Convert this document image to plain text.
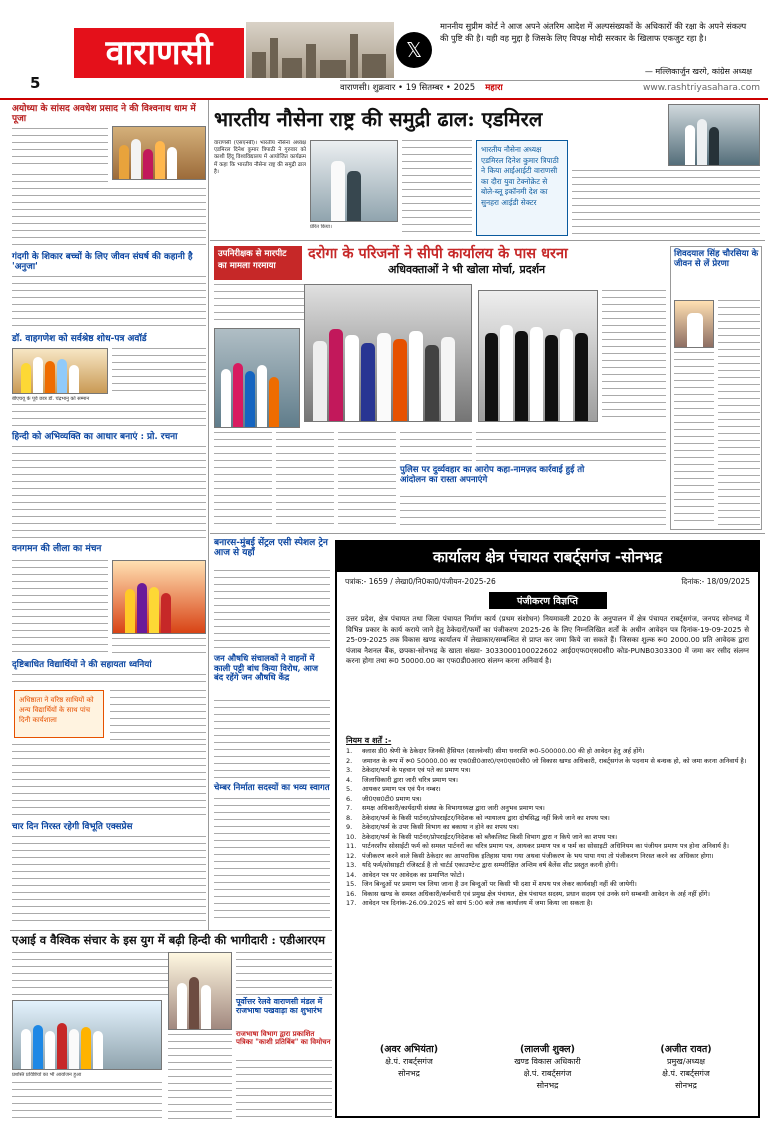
वाराणसी
5
𝕏
माननीय सुप्रीम कोर्ट ने आज अपने अंतरिम आदेश में अल्पसंख्यकों के अधिकारों की रक्षा के अपने संकल्प की पुष्टि की है। यही वह मुद्दा है जिसके लिए विपक्ष मोदी सरकार के खिलाफ एकजुट रहा है।
— मल्लिकार्जुन खरगे, कांग्रेस अध्यक्ष
वाराणसी। शुक्रवार • 19 सितम्बर • 2025 महारा	www.rashtriyasahara.com
अयोध्या के सांसद अवधेश प्रसाद ने की विश्वनाथ धाम में पूजा
गंदगी के शिकार बच्चों के लिए जीवन संघर्ष की कहानी है 'अनुजा'
डॉ. वाहगणेश को सर्वश्रेष्ठ शोध-पत्र अवॉर्ड
बीएचयू के पूर्व छात्र डॉ. चंद्रभानु को सम्मान
हिन्दी को अभिव्यक्ति का आधार बनाएं : प्रो. रचना
वनगमन की लीला का मंचन
दृष्टिबाधित विद्यार्थियों ने की सहायता ध्वनियां
अधिष्ठाता ने वरिष्ठ साथियों को अन्य विद्यार्थियों के साथ पांच दिनी कार्यशाला
चार दिन निरस्त रहेगी विभूति एक्सप्रेस
भारतीय नौसेना राष्ट्र की समुद्री ढाल: एडमिरल
वाराणसी (एसएनबी)। भारतीय नौसेना अध्यक्ष एडमिरल दिनेश कुमार त्रिपाठी ने गुरुवार को काशी हिंदू विश्वविद्यालय में आयोजित कार्यक्रम में कहा कि भारतीय नौसेना राष्ट्र की समुद्री ढाल है।
प्रेरित किया।
भारतीय नौसेना अध्यक्ष एडमिरल दिनेश कुमार त्रिपाठी ने किया आईआईटी वाराणसी का दौरा युवा टेक्नोक्रेट से बोले-ब्लू इकॉनमी देश का सुनहरा आईडी सेक्टर
उपनिरीक्षक से मारपीट का मामला गरमाया
दरोगा के परिजनों ने सीपी कार्यालय के पास धरना
अधिवक्ताओं ने भी खोला मोर्चा, प्रदर्शन
पुलिस पर दुर्व्यवहार का आरोप कहा-नामज़द कार्रवाई हुई तो आंदोलन का रास्ता अपनाएंगे
शिवदयाल सिंह चौरसिया के जीवन से लें प्रेरणा
बनारस-मुंबई सेंट्रल एसी स्पेशल ट्रेन आज से यहाँ
जन औषधि संचालकों ने वाहनों में काली पट्टी बांध किया विरोध, आज बंद रहेंगे जन औषधि केंद्र
चेम्बर निर्माता सदस्यों का भव्य स्वागत
एआई व वैश्विक संचार के इस युग में बढ़ी हिन्दी की भागीदारी : एडीआरएम
प्रशस्ति प्रविष्टियों का भी आयोजन हुआ
पूर्वोत्तर रेलवे वाराणसी मंडल में राजभाषा पखवाड़ा का शुभारंभ
राजभाषा विभाग द्वारा प्रकाशित पत्रिका "काशी प्रतिबिंब" का विमोचन
कार्यालय क्षेत्र पंचायत राबर्ट्सगंज -सोनभद्र
पत्रांक:- 1659 / लेखा0/नि0का0/पंजीयन-2025-26	दिनांक:- 18/09/2025
पंजीकरण विज्ञप्ति
उत्तर प्रदेश, क्षेत्र पंचायत तथा जिला पंचायत निर्माण कार्य (प्रथम संशोधन) नियमावली 2020 के अनुपालन में क्षेत्र पंचायत राबर्ट्सगंज, जनपद सोनभद्र में विभिन्न प्रकार के कार्य कराये जाने हेतु ठेकेदारों/फर्मों का पंजीकरण 2025-26 के लिए निम्नलिखित शर्तों के अधीन आवेदन पत्र दिनांक-19-09-2025 से 25-09-2025 तक विकास खण्ड कार्यालय में लेखाकार/सम्बन्धित से प्राप्त कर जमा किये जा सकते हैं। जिसका शुल्क रू0 2000.00 प्रति आवेदक द्वारा पंजाब नैशनल बैंक, छपका-सोनभद्र के खाता संख्या- 3033000100022602 आई0एफ0एस0सी0 कोड-PUNB0303300 में जमा कर रसीद संलग्न करना होगा तथा रू0 50000.00 का एफ0डी0आर0 संलग्न करना अनिवार्य है।
नियम व शर्तें :-
1.	क्लास डी0 श्रेणी के ठेकेदार जिनकी हैसियत (सालवेन्सी) सीमा धनराशि रू0-500000.00 की हो आवेदन हेतु अर्ह होंगे।
2.	जमानत के रूप में रू0 50000.00 का एफ0डी0आर0/एन0एस0सी0 जो विकास खण्ड अधिकारी, राबर्ट्सगंज के पदनाम से बन्धक हो, को जमा करना अनिवार्य है।
3.	ठेकेदार/फर्म के पहचान एवं पते का प्रमाण पत्र।
4.	जिलाधिकारी द्वारा जारी चरित्र प्रमाण पत्र।
5.	आयकर प्रमाण पत्र एवं पैन नम्बर।
6.	जी0एस0टी0 प्रमाण पत्र।
7.	समक्ष अधिकारी/कार्यदायी संस्था के विभागाध्यक्ष द्वारा जारी अनुभव प्रमाण पत्र।
8.	ठेकेदार/फर्म के किसी पार्टनर/प्रोपराईटर/निदेशक को न्यायालय द्वारा दोषसिद्ध नहीं किये जाने का शपथ पत्र।
9.	ठेकेदार/फर्म के उपर किसी विभाग का बकाया न होने का शपथ पत्र।
10. ठेकेदार/फर्म के किसी पार्टनर/प्रोपराईटर/निदेशक को ब्लैकलिस्ट किसी विभाग द्वारा न किये जाने का शपथ पत्र।
11. पार्टनरशीप सोसाईटी फर्म को समस्त पार्टनरों का चरित्र प्रमाण पत्र, आयकर प्रमाण पत्र व फर्म का सोसाइटी अधिनियम का पंजीयन प्रमाण पत्र होना अनिवार्य है।
12. पंजीकरण करने वाले किसी ठेकेदार का आपराधिक इतिहास पाया गया अथवा पंजीकरण के भय पाया गया तो पंजीकरण निरस्त करने का अधिकार होगा।
13. यदि फर्म/सोसाइटी रजिस्टर्ड है तो चार्टर्ड एकाउण्टेन्ट द्वारा सम्परीक्षित अन्तिम वर्ष बैलेंस शीट प्रस्तुत करनी होगी।
14. आवेदन पत्र पर आवेदक का प्रमाणित फोटो।
15. जिन बिन्दुओं पर प्रमाण पत्र लिया जाना है उन बिन्दुओं पर किसी भी दशा में शपथ पत्र लेकर कार्यवाही नहीं की जायेगी।
16. विकास खण्ड के समस्त अधिकारी/कर्मचारी एवं प्रमुख क्षेत्र पंचायत, क्षेत्र पंचायत सदस्य, प्रधान सदस्य एवं उनके सगे सम्बन्धी आवेदन के अर्ह नहीं होंगे।
17. आवेदन पत्र दिनांक-26.09.2025 को सायं 5:00 बजे तक कार्यालय में जमा किया जा सकता है।
(अवर अभियंता)
क्षे.पं. राबर्ट्सगंज
सोनभद्र
(लालजी शुक्ल)
खण्ड विकास अधिकारी
क्षे.पं. राबर्ट्सगंज
सोनभद्र
(अजीत रावत)
प्रमुख/अध्यक्ष
क्षे.पं. राबर्ट्सगंज
सोनभद्र
